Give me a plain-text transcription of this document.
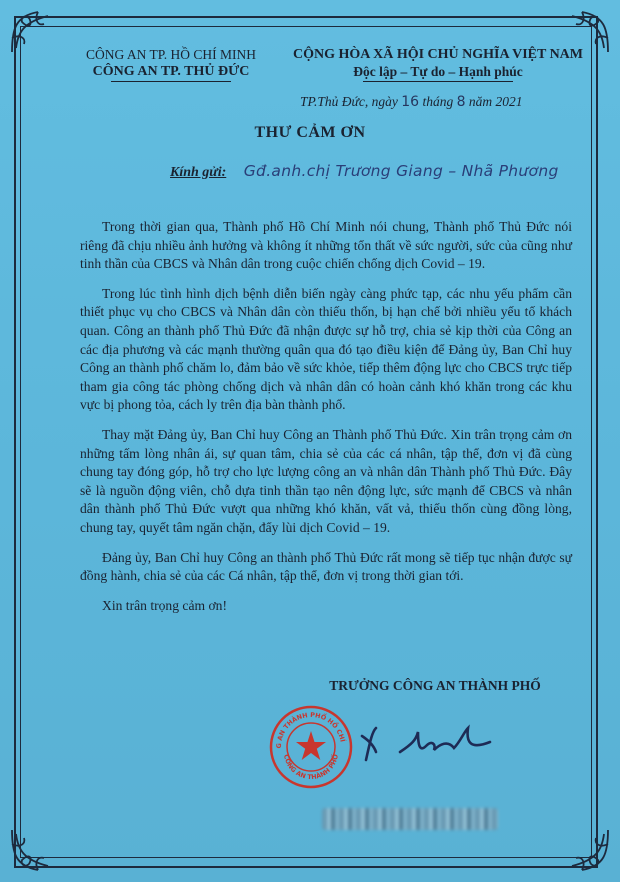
CÔNG AN TP. HỒ CHÍ MINH
CÔNG AN TP. THỦ ĐỨC
CỘNG HÒA XÃ HỘI CHỦ NGHĨA VIỆT NAM
Độc lập – Tự do – Hạnh phúc
TP.Thủ Đức, ngày 16 tháng 8 năm 2021
THƯ CẢM ƠN
Kính gửi: Gđ.anh.chị Trương Giang – Nhã Phương

Trong thời gian qua, Thành phố Hồ Chí Minh nói chung, Thành phố Thủ Đức nói riêng đã chịu nhiều ảnh hưởng và không ít những tổn thất về sức người, sức của cũng như tinh thần của CBCS và Nhân dân trong cuộc chiến chống dịch Covid – 19.

Trong lúc tình hình dịch bệnh diễn biến ngày càng phức tạp, các nhu yếu phẩm cần thiết phục vụ cho CBCS và Nhân dân còn thiếu thốn, bị hạn chế bởi nhiều yếu tố khách quan. Công an thành phố Thủ Đức đã nhận được sự hỗ trợ, chia sẻ kịp thời của Công an các địa phương và các mạnh thường quân qua đó tạo điều kiện để Đảng ủy, Ban Chỉ huy Công an thành phố chăm lo, đảm bảo về sức khỏe, tiếp thêm động lực cho CBCS trực tiếp tham gia công tác phòng chống dịch và nhân dân có hoàn cảnh khó khăn trong các khu vực bị phong tỏa, cách ly trên địa bàn thành phố.

Thay mặt Đảng ủy, Ban Chỉ huy Công an Thành phố Thủ Đức. Xin trân trọng cảm ơn những tấm lòng nhân ái, sự quan tâm, chia sẻ của các cá nhân, tập thể, đơn vị đã cùng chung tay đóng góp, hỗ trợ cho lực lượng công an và nhân dân Thành phố Thủ Đức. Đây sẽ là nguồn động viên, chỗ dựa tinh thần tạo nên động lực, sức mạnh để CBCS và nhân dân thành phố Thủ Đức vượt qua những khó khăn, vất vả, thiếu thốn cùng đồng lòng, chung tay, quyết tâm ngăn chặn, đẩy lùi dịch Covid – 19.

Đảng ủy, Ban Chỉ huy Công an thành phố Thủ Đức rất mong sẽ tiếp tục nhận được sự đồng hành, chia sẻ của các Cá nhân, tập thể, đơn vị trong thời gian tới.

Xin trân trọng cảm ơn!

TRƯỞNG CÔNG AN THÀNH PHỐ
G AN THÀNH PHỐ HỒ CHÍ
CÔNG AN THÀNH PHỐ
